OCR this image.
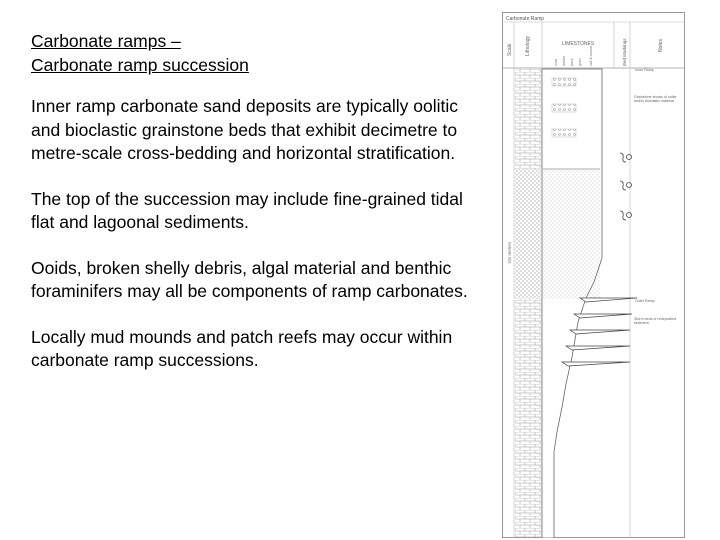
Carbonate ramps –
Carbonate ramp succession

Inner ramp carbonate sand deposits are typically oolitic and bioclastic grainstone beds that exhibit decimetre to metre-scale cross-bedding and horizontal stratification.

The top of the succession may include fine-grained tidal flat and lagoonal sediments.

Ooids, broken shelly debris, algal material and benthic foraminifers may all be components of ramp carbonates.

Locally mud mounds and patch reefs may occur within carbonate ramp successions.

Carbonate Ramp
Scale Lithology	LIMESTONES
mud wacke pack grain rud & bound	Bed Markings	Notes
10s metres
Inner Ramp
Grainstone shoals of oolite and/or bioclastic material
Outer Ramp
Storm beds of redeposited sediment
